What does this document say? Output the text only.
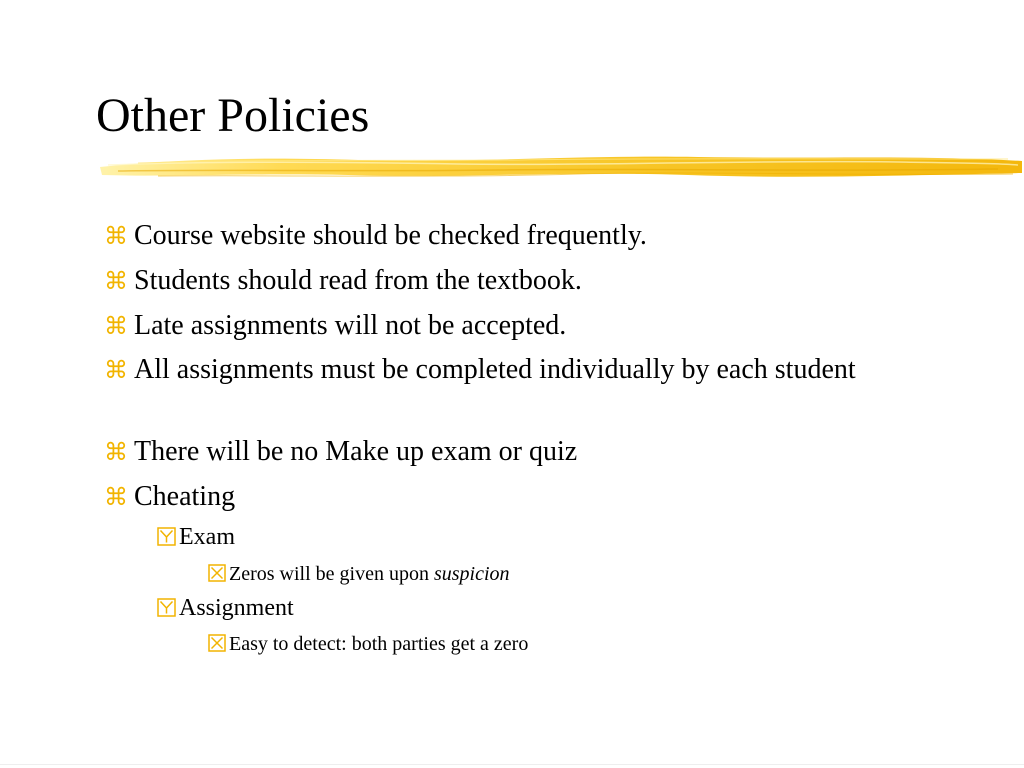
Other Policies
⌘ Course website should be checked frequently.
⌘ Students should read from the textbook.
⌘ Late assignments will not be accepted.
⌘ All assignments must be completed individually by each student
⌘ There will be no Make up exam or quiz
⌘ Cheating
Exam
Zeros will be given upon suspicion
Assignment
Easy to detect: both parties get a zero
